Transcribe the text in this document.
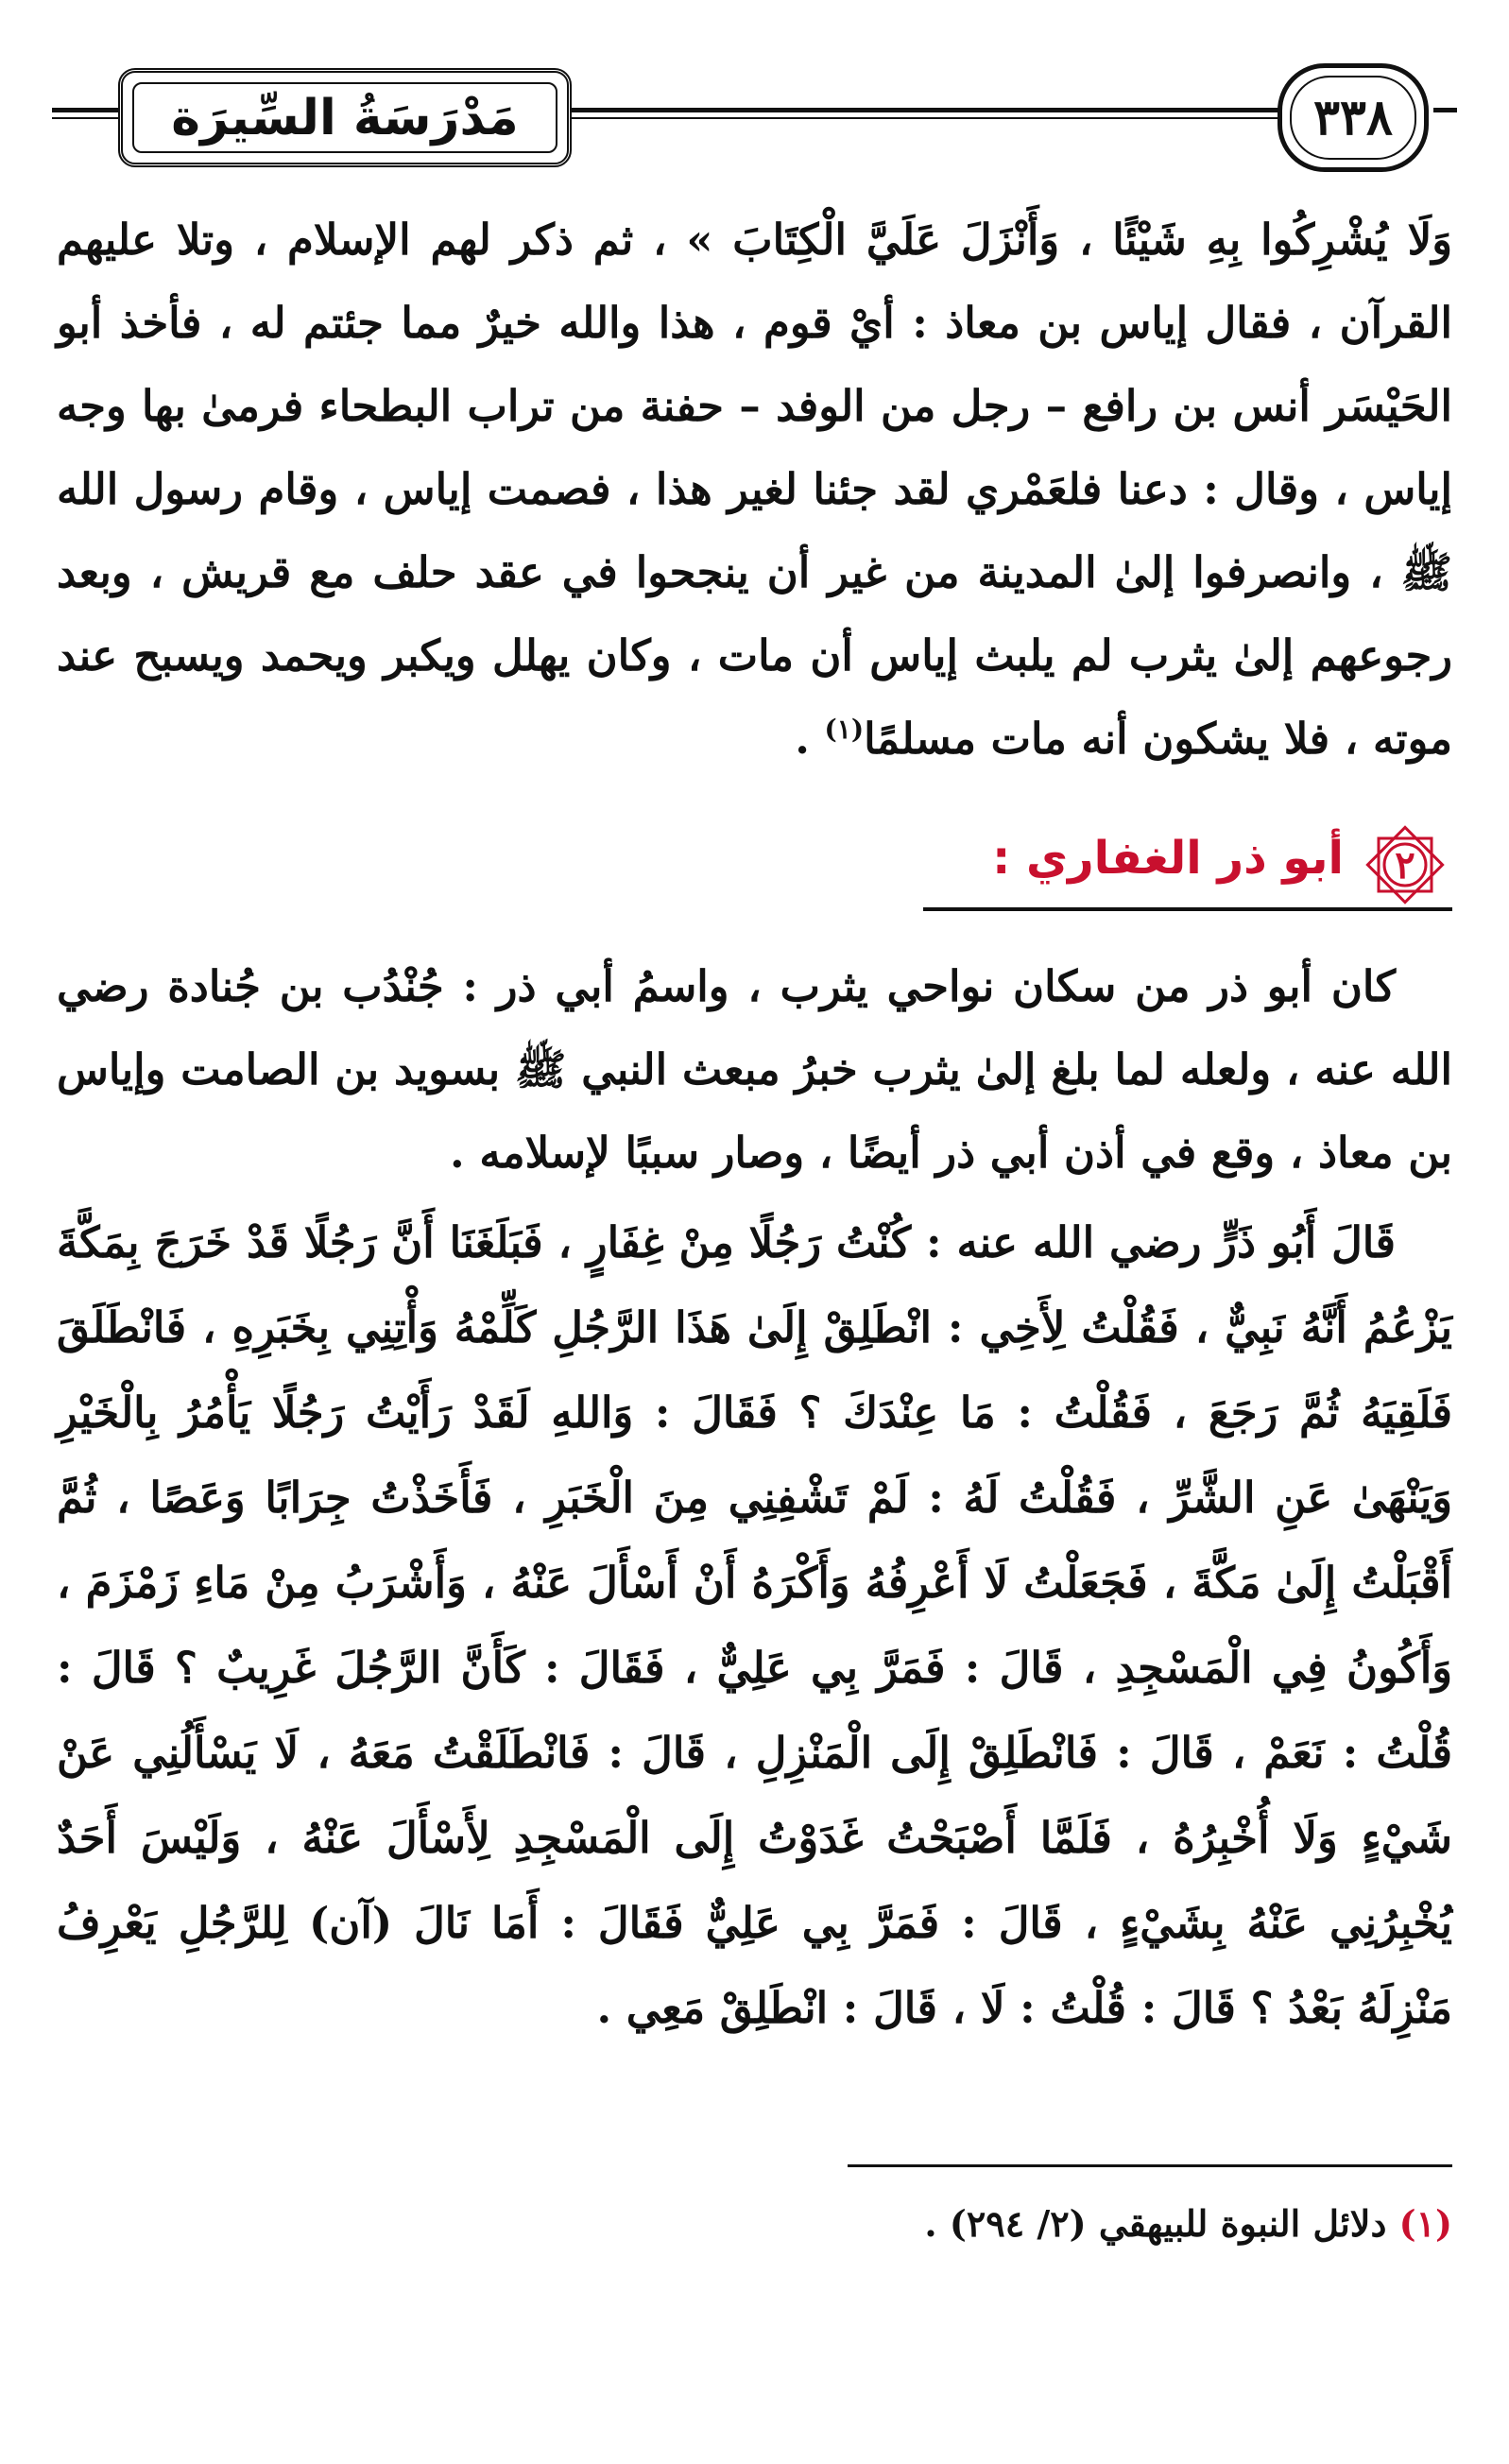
مَدْرَسَةُ السِّيرَة	٣٣٨

وَلَا يُشْرِكُوا بِهِ شَيْئًا ، وَأَنْزَلَ عَلَيَّ الْكِتَابَ » ، ثم ذكر لهم الإسلام ، وتلا عليهم القرآن ، فقال إياس بن معاذ : أيْ قوم ، هذا والله خيرٌ مما جئتم له ، فأخذ أبو الحَيْسَر أنس بن رافع – رجل من الوفد – حفنة من تراب البطحاء فرمىٰ بها وجه إياس ، وقال : دعنا فلعَمْري لقد جئنا لغير هذا ، فصمت إياس ، وقام رسول الله ﷺ ، وانصرفوا إلىٰ المدينة من غير أن ينجحوا في عقد حلف مع قريش ، وبعد رجوعهم إلىٰ يثرب لم يلبث إياس أن مات ، وكان يهلل ويكبر ويحمد ويسبح عند موته ، فلا يشكون أنه مات مسلمًا$^{(١)}$ .

٢
أبو ذر الغفاري :

كان أبو ذر من سكان نواحي يثرب ، واسمُ أبي ذر : جُنْدُب بن جُنادة رضي الله عنه ، ولعله لما بلغ إلىٰ يثرب خبرُ مبعث النبي ﷺ بسويد بن الصامت وإياس بن معاذ ، وقع في أذن أبي ذر أيضًا ، وصار سببًا لإسلامه .

قَالَ أَبُو ذَرٍّ رضي الله عنه : كُنْتُ رَجُلًا مِنْ غِفَارٍ ، فَبَلَغَنَا أَنَّ رَجُلًا قَدْ خَرَجَ بِمَكَّةَ يَزْعُمُ أَنَّهُ نَبِيٌّ ، فَقُلْتُ لِأَخِي : انْطَلِقْ إِلَىٰ هَذَا الرَّجُلِ كَلِّمْهُ وَأْتِنِي بِخَبَرِهِ ، فَانْطَلَقَ فَلَقِيَهُ ثُمَّ رَجَعَ ، فَقُلْتُ : مَا عِنْدَكَ ؟ فَقَالَ : وَاللهِ لَقَدْ رَأَيْتُ رَجُلًا يَأْمُرُ بِالْخَيْرِ وَيَنْهَىٰ عَنِ الشَّرِّ ، فَقُلْتُ لَهُ : لَمْ تَشْفِنِي مِنَ الْخَبَرِ ، فَأَخَذْتُ جِرَابًا وَعَصًا ، ثُمَّ أَقْبَلْتُ إِلَىٰ مَكَّةَ ، فَجَعَلْتُ لَا أَعْرِفُهُ وَأَكْرَهُ أَنْ أَسْأَلَ عَنْهُ ، وَأَشْرَبُ مِنْ مَاءِ زَمْزَمَ ، وَأَكُونُ فِي الْمَسْجِدِ ، قَالَ : فَمَرَّ بِي عَلِيٌّ ، فَقَالَ : كَأَنَّ الرَّجُلَ غَرِيبٌ ؟ قَالَ : قُلْتُ : نَعَمْ ، قَالَ : فَانْطَلِقْ إِلَى الْمَنْزِلِ ، قَالَ : فَانْطَلَقْتُ مَعَهُ ، لَا يَسْأَلُنِي عَنْ شَيْءٍ وَلَا أُخْبِرُهُ ، فَلَمَّا أَصْبَحْتُ غَدَوْتُ إِلَى الْمَسْجِدِ لِأَسْأَلَ عَنْهُ ، وَلَيْسَ أَحَدٌ يُخْبِرُنِي عَنْهُ بِشَيْءٍ ، قَالَ : فَمَرَّ بِي عَلِيٌّ فَقَالَ : أَمَا نَالَ (آن) لِلرَّجُلِ يَعْرِفُ مَنْزِلَهُ بَعْدُ ؟ قَالَ : قُلْتُ : لَا ، قَالَ : انْطَلِقْ مَعِي .

(١) دلائل النبوة للبيهقي (٢/ ٢٩٤) .
